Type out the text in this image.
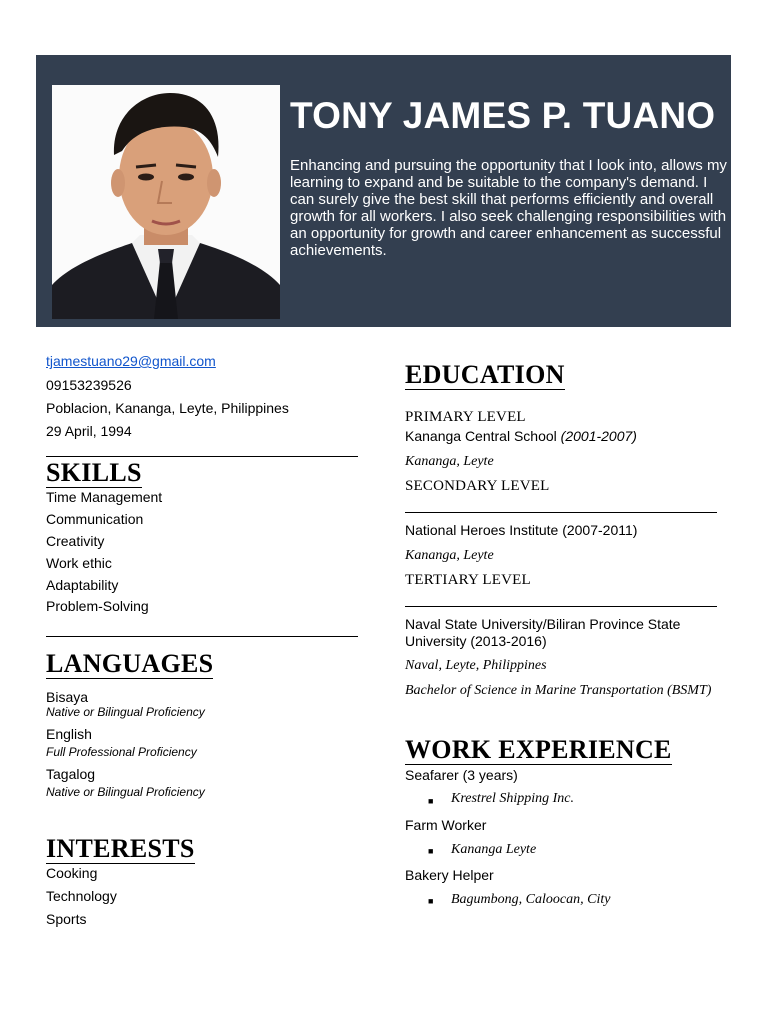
TONY JAMES P. TUANO
Enhancing and pursuing the opportunity that I look into, allows my learning to expand and be suitable to the company's demand. I can surely give the best skill that performs efficiently and overall growth for all workers. I also seek challenging responsibilities with an opportunity for growth and career enhancement as successful achievements.
tjamestuano29@gmail.com
09153239526
Poblacion, Kananga, Leyte, Philippines
29 April, 1994
SKILLS
Time Management
Communication
Creativity
Work ethic
Adaptability
Problem-Solving
LANGUAGES
Bisaya
Native or Bilingual Proficiency
English
Full Professional Proficiency
Tagalog
Native or Bilingual Proficiency
INTERESTS
Cooking
Technology
Sports
EDUCATION
PRIMARY LEVEL
Kananga Central School (2001-2007)
Kananga, Leyte
SECONDARY LEVEL
National Heroes Institute (2007-2011)
Kananga, Leyte
TERTIARY LEVEL
Naval State University/Biliran Province State University (2013-2016)
Naval, Leyte, Philippines
Bachelor of Science in Marine Transportation (BSMT)
WORK EXPERIENCE
Seafarer (3 years)
■ Krestrel Shipping Inc.
Farm Worker
■ Kananga Leyte
Bakery Helper
■ Bagumbong, Caloocan, City
